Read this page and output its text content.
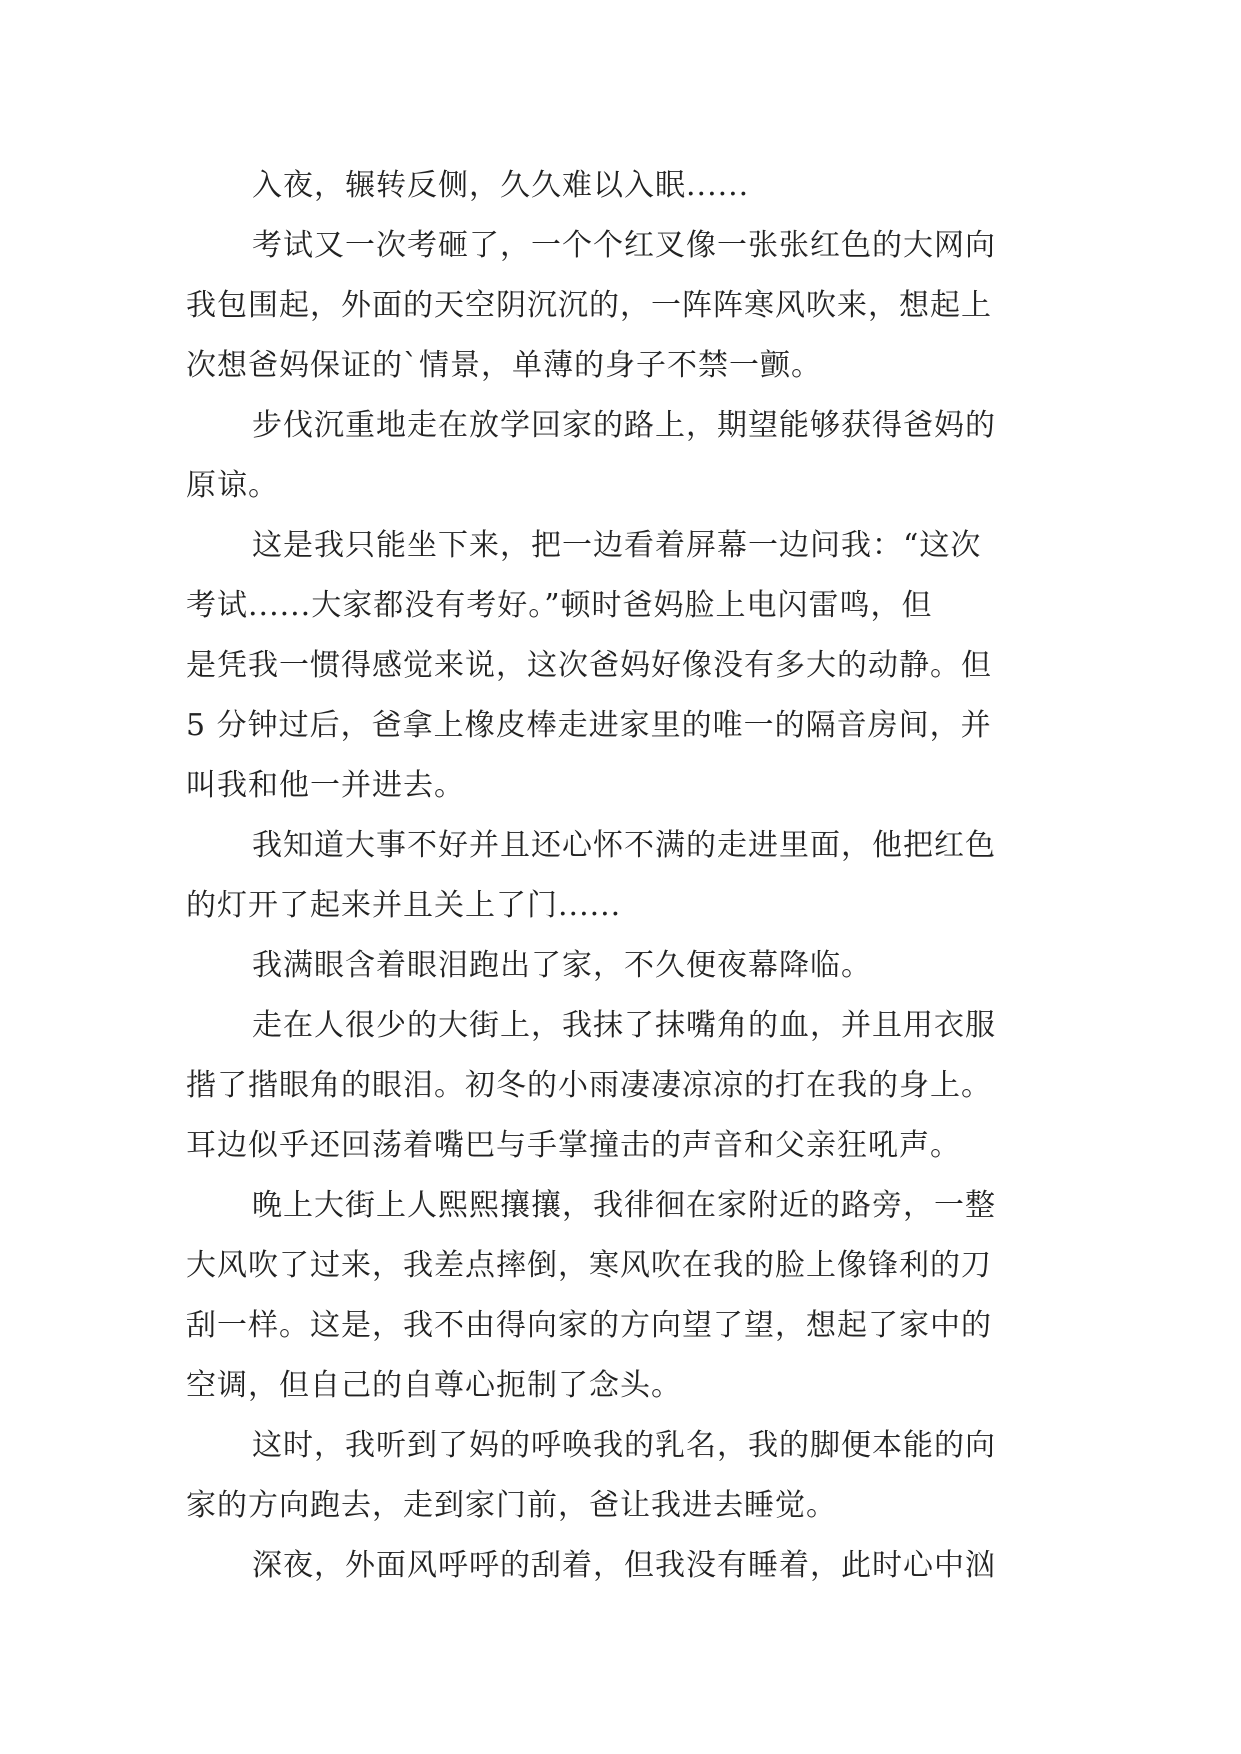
入夜，辗转反侧，久久难以入眠......
考试又一次考砸了，一个个红叉像一张张红色的大网向
我包围起，外面的天空阴沉沉的，一阵阵寒风吹来，想起上
次想爸妈保证的`情景，单薄的身子不禁一颤。
步伐沉重地走在放学回家的路上，期望能够获得爸妈的
原谅。
这是我只能坐下来，把一边看着屏幕一边问我：“这次
考试......大家都没有考好。”顿时爸妈脸上电闪雷鸣，但
是凭我一惯得感觉来说，这次爸妈好像没有多大的动静。但
5 分钟过后，爸拿上橡皮棒走进家里的唯一的隔音房间，并
叫我和他一并进去。
我知道大事不好并且还心怀不满的走进里面，他把红色
的灯开了起来并且关上了门......
我满眼含着眼泪跑出了家，不久便夜幕降临。
走在人很少的大街上，我抹了抹嘴角的血，并且用衣服
揩了揩眼角的眼泪。初冬的小雨凄凄凉凉的打在我的身上。
耳边似乎还回荡着嘴巴与手掌撞击的声音和父亲狂吼声。
晚上大街上人熙熙攘攘，我徘徊在家附近的路旁，一整
大风吹了过来，我差点摔倒，寒风吹在我的脸上像锋利的刀
刮一样。这是，我不由得向家的方向望了望，想起了家中的
空调，但自己的自尊心扼制了念头。
这时，我听到了妈的呼唤我的乳名，我的脚便本能的向
家的方向跑去，走到家门前，爸让我进去睡觉。
深夜，外面风呼呼的刮着，但我没有睡着，此时心中汹
